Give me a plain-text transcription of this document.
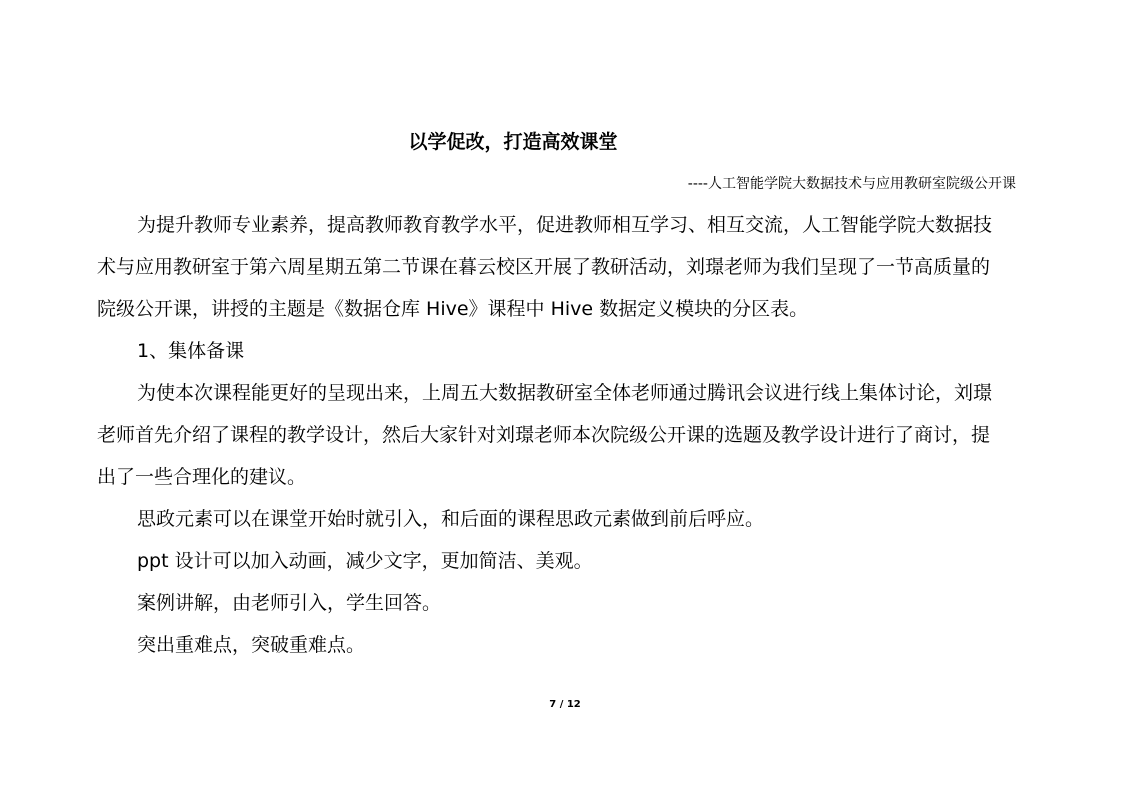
以学促改，打造高效课堂

----人工智能学院大数据技术与应用教研室院级公开课

为提升教师专业素养，提高教师教育教学水平，促进教师相互学习、相互交流，人工智能学院大数据技
术与应用教研室于第六周星期五第二节课在暮云校区开展了教研活动，刘璟老师为我们呈现了一节高质量的
院级公开课，讲授的主题是《数据仓库 Hive》课程中 Hive 数据定义模块的分区表。

1、集体备课

为使本次课程能更好的呈现出来，上周五大数据教研室全体老师通过腾讯会议进行线上集体讨论，刘璟
老师首先介绍了课程的教学设计，然后大家针对刘璟老师本次院级公开课的选题及教学设计进行了商讨，提
出了一些合理化的建议。

思政元素可以在课堂开始时就引入，和后面的课程思政元素做到前后呼应。

ppt 设计可以加入动画，减少文字，更加简洁、美观。

案例讲解，由老师引入，学生回答。

突出重难点，突破重难点。

7 / 12
